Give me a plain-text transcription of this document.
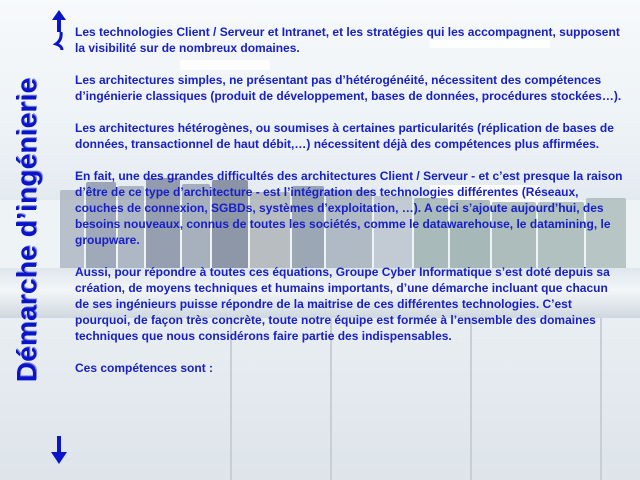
Démarche d’ingénierie

Les technologies Client / Serveur et Intranet, et les stratégies qui les accompagnent, supposent la visibilité sur de nombreux domaines.

Les architectures simples, ne présentant pas d’hétérogénéité, nécessitent des compétences d’ingénierie classiques (produit de développement, bases de données, procédures stockées…).

Les architectures hétérogènes, ou soumises à certaines particularités (réplication de bases de données, transactionnel de haut débit,…) nécessitent déjà des compétences plus affirmées.

En fait, une des grandes difficultés des architectures Client / Serveur - et c’est presque la raison d’être de ce type d’architecture - est l’intégration des technologies différentes (Réseaux, couches de connexion, SGBDs, systèmes d’exploitation, …). A ceci s’ajoute aujourd’hui, des besoins nouveaux, connus de toutes les sociétés, comme le datawarehouse, le datamining, le groupware.

Aussi, pour répondre à toutes ces équations, Groupe Cyber Informatique s’est doté depuis sa création, de moyens techniques et humains importants, d’une démarche incluant que chacun de ses ingénieurs puisse répondre de la maitrise de ces différentes technologies. C’est pourquoi, de façon très concrète, toute notre équipe est formée à l’ensemble des domaines techniques que nous considérons faire partie des indispensables.

Ces compétences sont :
